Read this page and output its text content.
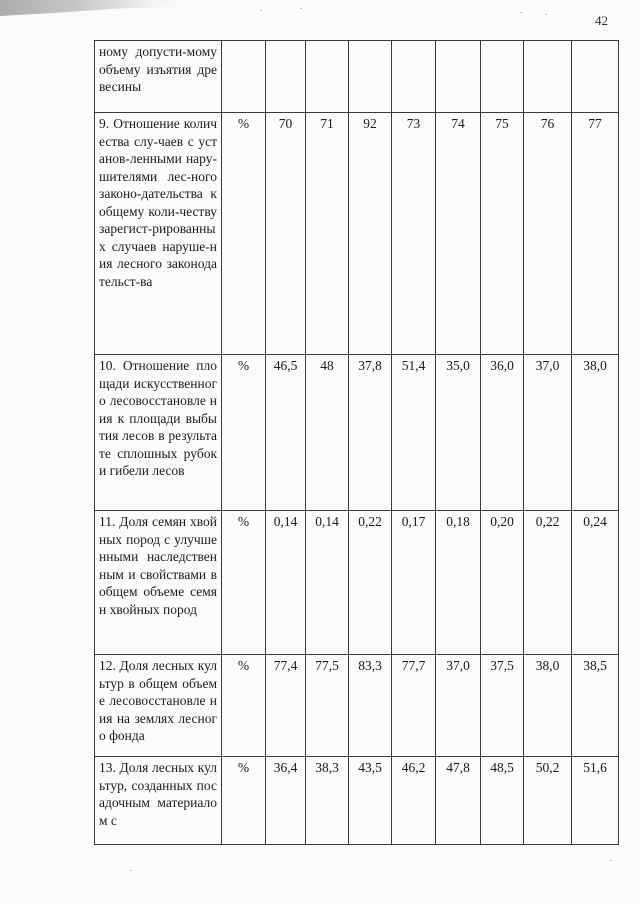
42
ному допусти-мому объему изъятия древесины									

9. Отношение количества слу-чаев с установ-ленными нару-шителями лес-ного законо-дательства к общему коли-честву зарегист-рированных случаев наруше-ния лесного законодательст-ва	%	70	71	92	73	74	75	76	77

10. Отношение площади искусственного лесовосстановле ния к площади выбытия лесов в результате сплошных рубок и гибели лесов	%	46,5	48	37,8	51,4	35,0	36,0	37,0	38,0

11. Доля семян хвойных пород с улучшенными наследственным и свойствами в общем объеме семян хвойных пород	%	0,14	0,14	0,22	0,17	0,18	0,20	0,22	0,24

12. Доля лесных культур в общем объеме лесовосстановле ния на землях лесного фонда	%	77,4	77,5	83,3	77,7	37,0	37,5	38,0	38,5

13. Доля лесных культур, созданных посадочным материалом с	%	36,4	38,3	43,5	46,2	47,8	48,5	50,2	51,6
